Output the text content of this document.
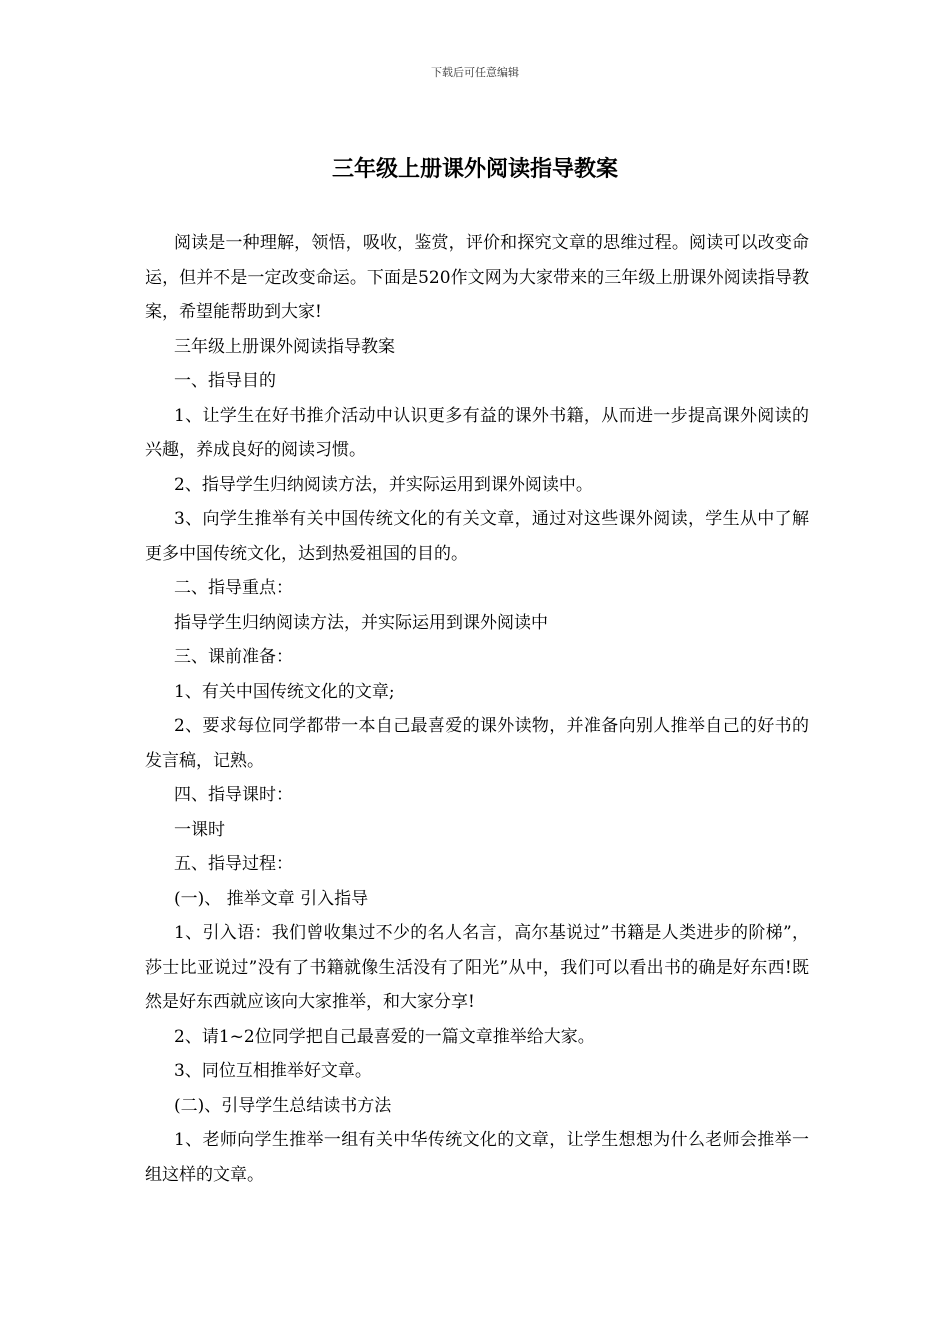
下载后可任意编辑
三年级上册课外阅读指导教案

阅读是一种理解，领悟，吸收，鉴赏，评价和探究文章的思维过程。阅读可以改变命运，但并不是一定改变命运。下面是520作文网为大家带来的三年级上册课外阅读指导教案，希望能帮助到大家!

三年级上册课外阅读指导教案

一、指导目的

1、让学生在好书推介活动中认识更多有益的课外书籍，从而进一步提高课外阅读的兴趣，养成良好的阅读习惯。

2、指导学生归纳阅读方法，并实际运用到课外阅读中。

3、向学生推举有关中国传统文化的有关文章，通过对这些课外阅读，学生从中了解更多中国传统文化，达到热爱祖国的目的。

二、指导重点：

指导学生归纳阅读方法，并实际运用到课外阅读中

三、课前准备：

1、有关中国传统文化的文章;

2、要求每位同学都带一本自己最喜爱的课外读物，并准备向别人推举自己的好书的发言稿，记熟。

四、指导课时：

一课时

五、指导过程：

(一)、 推举文章 引入指导

1、引入语：我们曾收集过不少的名人名言，高尔基说过”书籍是人类进步的阶梯”，莎士比亚说过”没有了书籍就像生活没有了阳光”从中，我们可以看出书的确是好东西!既然是好东西就应该向大家推举，和大家分享!

2、请1~2位同学把自己最喜爱的一篇文章推举给大家。

3、同位互相推举好文章。

(二)、引导学生总结读书方法

1、老师向学生推举一组有关中华传统文化的文章，让学生想想为什么老师会推举一组这样的文章。
